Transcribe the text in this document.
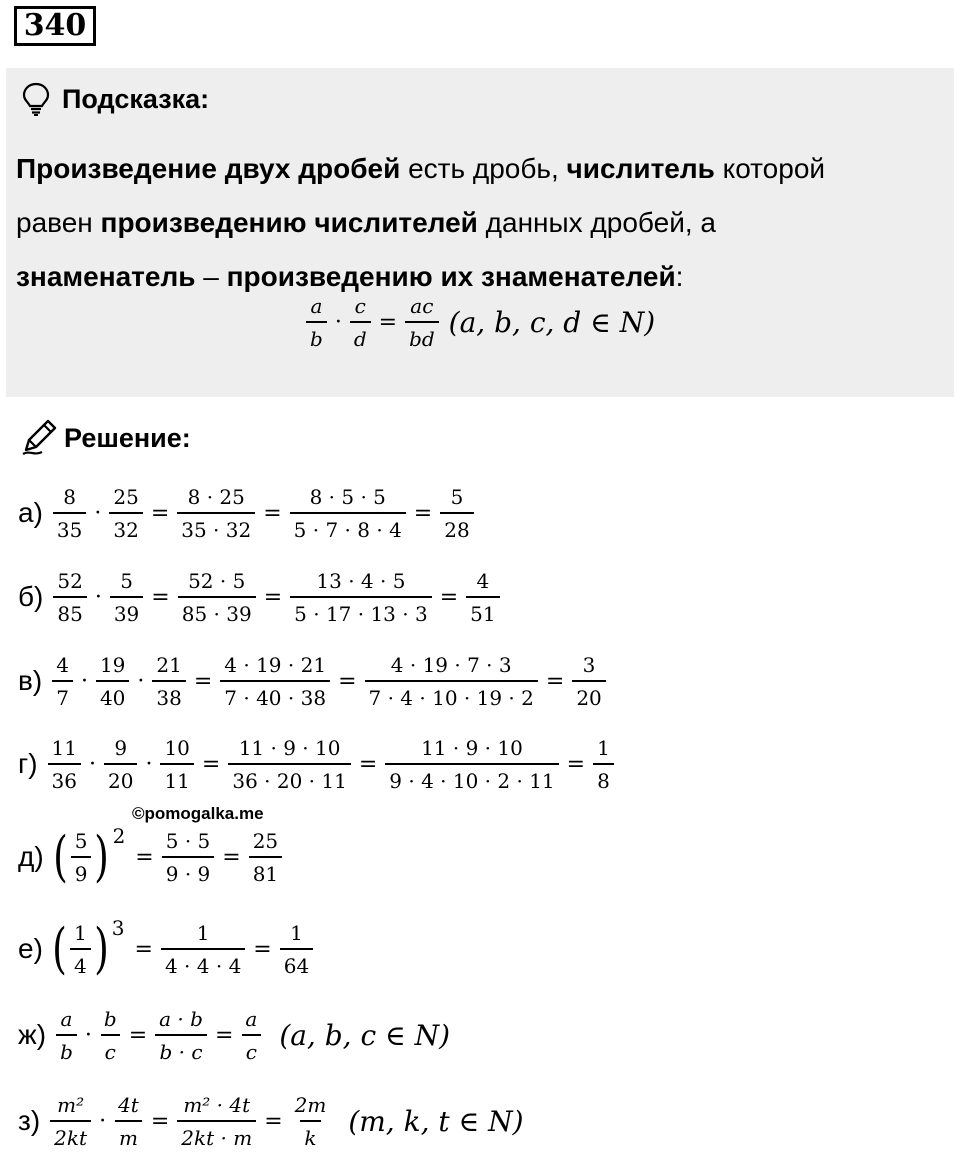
340
Подсказка:
Произведение двух дробей есть дробь, числитель которой
равен произведению числителей данных дробей, а
знаменатель – произведению их знаменателей:
$\frac{a}{b} \cdot \frac{c}{d} = \frac{ac}{bd} (a$, b, c, d ∈ N)
Решение:
$а) \frac{8}{35} \cdot \frac{25}{32} = \frac{8 \cdot 25}{35 \cdot 32} = \frac{8 \cdot 5 \cdot 5}{5 \cdot 7 \cdot 8 \cdot 4} = \frac{5}{28}$
$б) \frac{52}{85} \cdot \frac{5}{39} = \frac{52 \cdot 5}{85 \cdot 39} = \frac{13 \cdot 4 \cdot 5}{5 \cdot 17 \cdot 13 \cdot 3} = \frac{4}{51}$
$в) \frac{4}{7} \cdot \frac{19}{40} \cdot \frac{21}{38} = \frac{4 \cdot 19 \cdot 21}{7 \cdot 40 \cdot 38} = \frac{4 \cdot 19 \cdot 7 \cdot 3}{7 \cdot 4 \cdot 10 \cdot 19 \cdot 2} = \frac{3}{20}$
$г) \frac{11}{36} \cdot \frac{9}{20} \cdot \frac{10}{11} = \frac{11 \cdot 9 \cdot 10}{36 \cdot 20 \cdot 11} = \frac{11 \cdot 9 \cdot 10}{9 \cdot 4 \cdot 10 \cdot 2 \cdot 11} = \frac{1}{8}$
©pomogalka.me
д) ( $\frac{5}{9}$ ) 2
= $\frac{5 \cdot 5}{9 \cdot 9} = \frac{25}{81}$
е) ( $\frac{1}{4}$ ) 3
= $\frac{1}{4 \cdot 4 \cdot 4} = \frac{1}{64}$
$ж) \frac{a}{b} \cdot \frac{b}{c} = \frac{a \cdot b}{b \cdot c} = \frac{a}{c} (a$, b, c ∈ N)
$з) \frac{\text{m²}}{2kt} \cdot \frac{4t}{m} = \frac{\text{m² · 4t}}{2kt \cdot m} = \frac{2m}{k} (m$, k, t ∈ N)
